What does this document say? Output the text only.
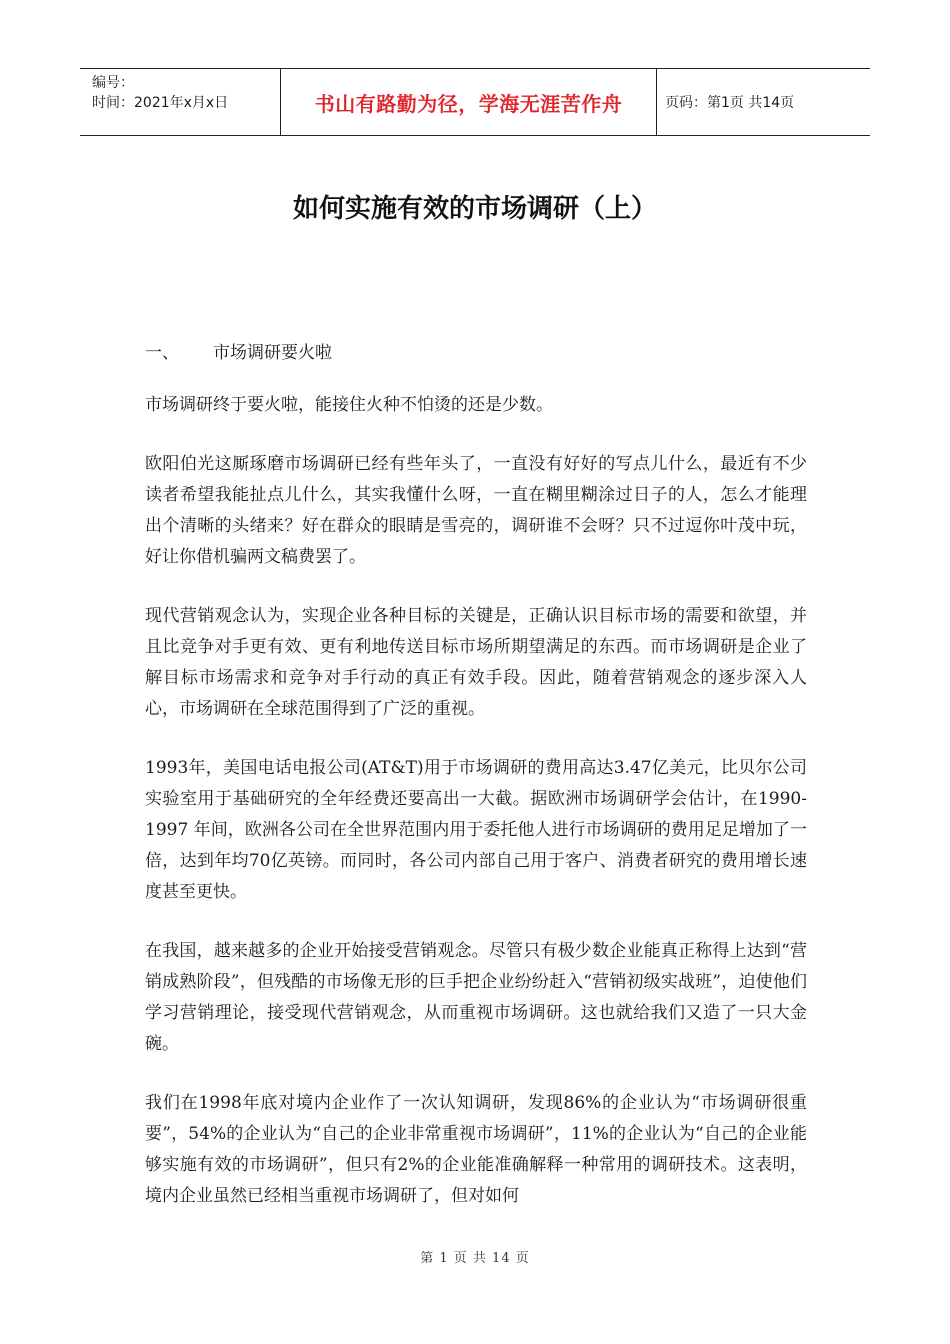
编号：
时间：2021年x月x日	书山有路勤为径，学海无涯苦作舟	页码：第1页 共14页
如何实施有效的市场调研（上）
一、 市场调研要火啦

市场调研终于要火啦，能接住火种不怕烫的还是少数。

欧阳伯光这厮琢磨市场调研已经有些年头了，一直没有好好的写点儿什么，最近有不少读者希望我能扯点儿什么，其实我懂什么呀，一直在糊里糊涂过日子的人，怎么才能理出个清晰的头绪来？好在群众的眼睛是雪亮的，调研谁不会呀？只不过逗你叶茂中玩，好让你借机骗两文稿费罢了。

现代营销观念认为，实现企业各种目标的关键是，正确认识目标市场的需要和欲望，并且比竞争对手更有效、更有利地传送目标市场所期望满足的东西。而市场调研是企业了解目标市场需求和竞争对手行动的真正有效手段。因此，随着营销观念的逐步深入人心，市场调研在全球范围得到了广泛的重视。

1993年，美国电话电报公司(AT&T)用于市场调研的费用高达3.47亿美元，比贝尔公司实验室用于基础研究的全年经费还要高出一大截。据欧洲市场调研学会估计，在1990-1997 年间，欧洲各公司在全世界范围内用于委托他人进行市场调研的费用足足增加了一倍，达到年均70亿英镑。而同时，各公司内部自己用于客户、消费者研究的费用增长速度甚至更快。

在我国，越来越多的企业开始接受营销观念。尽管只有极少数企业能真正称得上达到“营销成熟阶段”，但残酷的市场像无形的巨手把企业纷纷赶入“营销初级实战班”，迫使他们学习营销理论，接受现代营销观念，从而重视市场调研。这也就给我们又造了一只大金碗。

我们在1998年底对境内企业作了一次认知调研，发现86%的企业认为“市场调研很重要”，54%的企业认为“自己的企业非常重视市场调研”，11%的企业认为“自己的企业能够实施有效的市场调研”，但只有2%的企业能准确解释一种常用的调研技术。这表明，境内企业虽然已经相当重视市场调研了，但对如何

第 1 页 共 14 页
